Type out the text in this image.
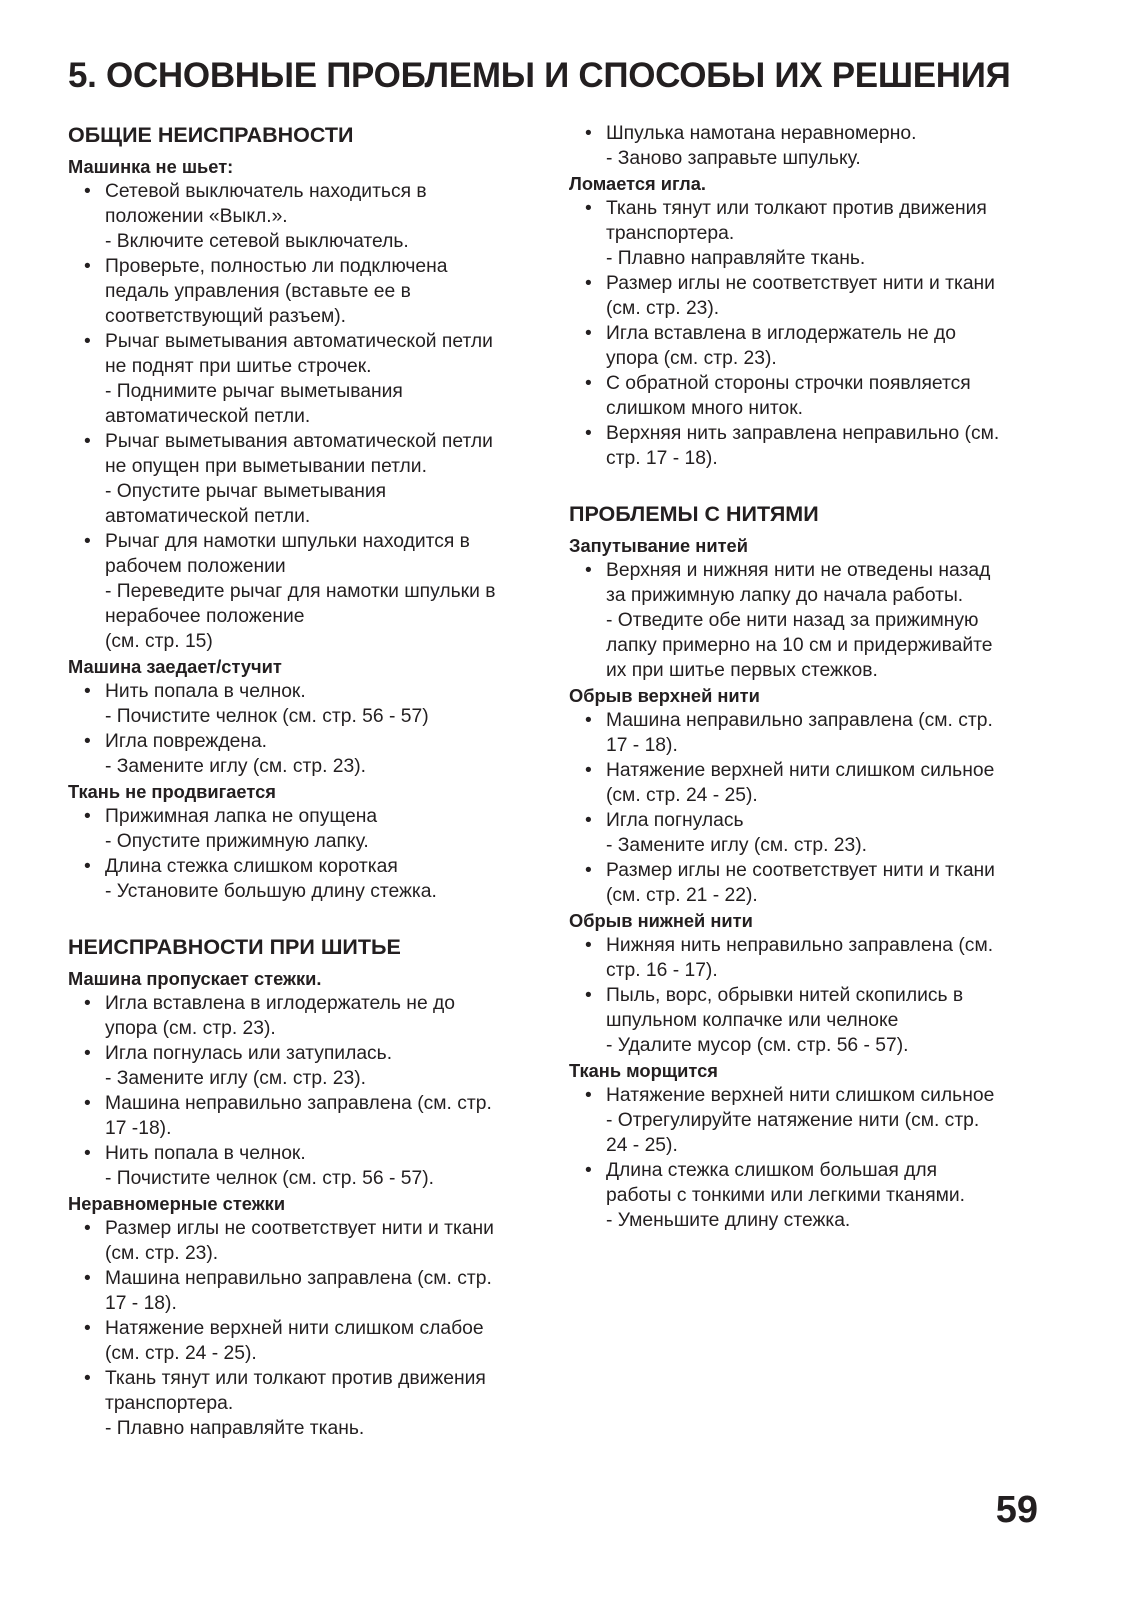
5. ОСНОВНЫЕ ПРОБЛЕМЫ И СПОСОБЫ ИХ РЕШЕНИЯ
ОБЩИЕ НЕИСПРАВНОСТИ
Машинка не шьет:
• Сетевой выключатель находиться в
положении «Выкл.».
- Включите сетевой выключатель.
• Проверьте, полностью ли подключена
педаль управления (вставьте ее в
соответствующий разъем).
• Рычаг выметывания автоматической петли
не поднят при шитье строчек.
- Поднимите рычаг выметывания
автоматической петли.
• Рычаг выметывания автоматической петли
не опущен при выметывании петли.
- Опустите рычаг выметывания
автоматической петли.
• Рычаг для намотки шпульки находится в
рабочем положении
- Переведите рычаг для намотки шпульки в
нерабочее положение
(см. стр. 15)
Машина заедает/стучит
• Нить попала в челнок.
- Почистите челнок (см. стр. 56 - 57)
• Игла повреждена.
- Замените иглу (см. стр. 23).
Ткань не продвигается
• Прижимная лапка не опущена
- Опустите прижимную лапку.
• Длина стежка слишком короткая
- Установите большую длину стежка.
НЕИСПРАВНОСТИ ПРИ ШИТЬЕ
Машина пропускает стежки.
• Игла вставлена в иглодержатель не до
упора (см. стр. 23).
• Игла погнулась или затупилась.
- Замените иглу (см. стр. 23).
• Машина неправильно заправлена (см. стр.
17 -18).
• Нить попала в челнок.
- Почистите челнок (см. стр. 56 - 57).
Неравномерные стежки
• Размер иглы не соответствует нити и ткани
(см. стр. 23).
• Машина неправильно заправлена (см. стр.
17 - 18).
• Натяжение верхней нити слишком слабое
(см. стр. 24 - 25).
• Ткань тянут или толкают против движения
транспортера.
- Плавно направляйте ткань.
• Шпулька намотана неравномерно.
- Заново заправьте шпульку.
Ломается игла.
• Ткань тянут или толкают против движения
транспортера.
- Плавно направляйте ткань.
• Размер иглы не соответствует нити и ткани
(см. стр. 23).
• Игла вставлена в иглодержатель не до
упора (см. стр. 23).
• С обратной стороны строчки появляется
слишком много ниток.
• Верхняя нить заправлена неправильно (см.
стр. 17 - 18).
ПРОБЛЕМЫ С НИТЯМИ
Запутывание нитей
• Верхняя и нижняя нити не отведены назад
за прижимную лапку до начала работы.
- Отведите обе нити назад за прижимную
лапку примерно на 10 см и придерживайте
их при шитье первых стежков.
Обрыв верхней нити
• Машина неправильно заправлена (см. стр.
17 - 18).
• Натяжение верхней нити слишком сильное
(см. стр. 24 - 25).
• Игла погнулась
- Замените иглу (см. стр. 23).
• Размер иглы не соответствует нити и ткани
(см. стр. 21 - 22).
Обрыв нижней нити
• Нижняя нить неправильно заправлена (см.
стр. 16 - 17).
• Пыль, ворс, обрывки нитей скопились в
шпульном колпачке или челноке
- Удалите мусор (см. стр. 56 - 57).
Ткань морщится
• Натяжение верхней нити слишком сильное
- Отрегулируйте натяжение нити (см. стр.
24 - 25).
• Длина стежка слишком большая для
работы с тонкими или легкими тканями.
- Уменьшите длину стежка.
59
